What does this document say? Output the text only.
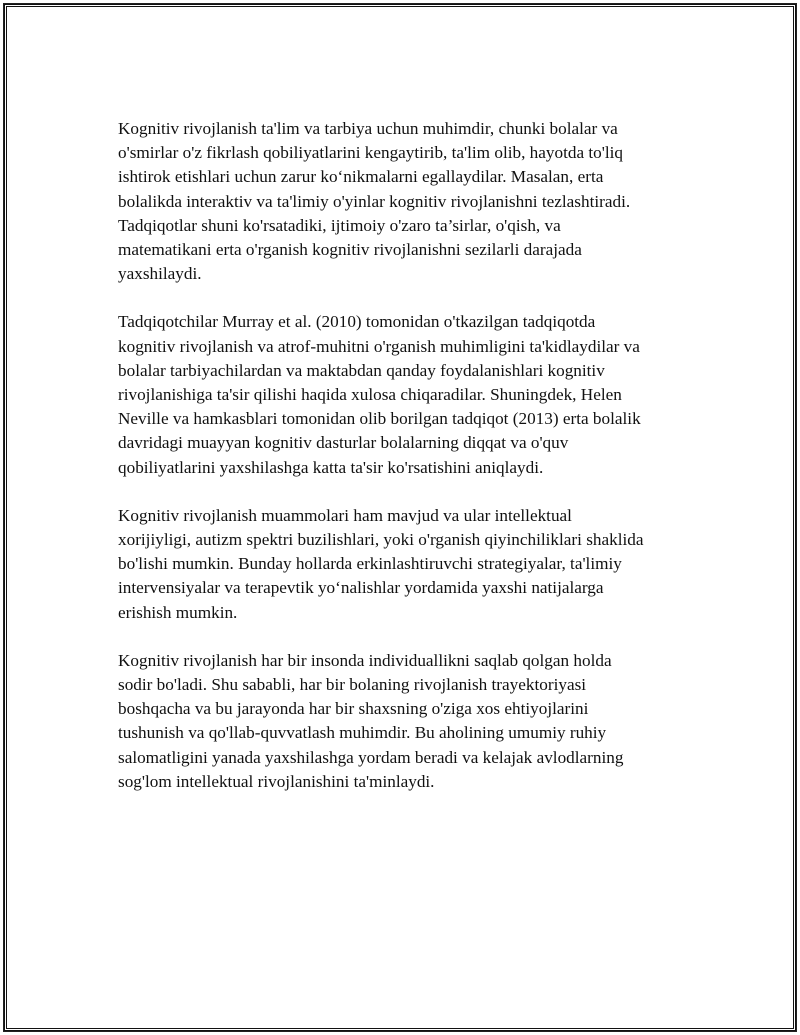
Kognitiv rivojlanish ta'lim va tarbiya uchun muhimdir, chunki bolalar va
o'smirlar o'z fikrlash qobiliyatlarini kengaytirib, ta'lim olib, hayotda to'liq
ishtirok etishlari uchun zarur ko‘nikmalarni egallaydilar. Masalan, erta
bolalikda interaktiv va ta'limiy o'yinlar kognitiv rivojlanishni tezlashtiradi.
Tadqiqotlar shuni ko'rsatadiki, ijtimoiy o'zaro ta’sirlar, o'qish, va
matematikani erta o'rganish kognitiv rivojlanishni sezilarli darajada
yaxshilaydi.

Tadqiqotchilar Murray et al. (2010) tomonidan o'tkazilgan tadqiqotda
kognitiv rivojlanish va atrof-muhitni o'rganish muhimligini ta'kidlaydilar va
bolalar tarbiyachilardan va maktabdan qanday foydalanishlari kognitiv
rivojlanishiga ta'sir qilishi haqida xulosa chiqaradilar. Shuningdek, Helen
Neville va hamkasblari tomonidan olib borilgan tadqiqot (2013) erta bolalik
davridagi muayyan kognitiv dasturlar bolalarning diqqat va o'quv
qobiliyatlarini yaxshilashga katta ta'sir ko'rsatishini aniqlaydi.

Kognitiv rivojlanish muammolari ham mavjud va ular intellektual
xorijiyligi, autizm spektri buzilishlari, yoki o'rganish qiyinchiliklari shaklida
bo'lishi mumkin. Bunday hollarda erkinlashtiruvchi strategiyalar, ta'limiy
intervensiyalar va terapevtik yo‘nalishlar yordamida yaxshi natijalarga
erishish mumkin.

Kognitiv rivojlanish har bir insonda individuallikni saqlab qolgan holda
sodir bo'ladi. Shu sababli, har bir bolaning rivojlanish trayektoriyasi
boshqacha va bu jarayonda har bir shaxsning o'ziga xos ehtiyojlarini
tushunish va qo'llab-quvvatlash muhimdir. Bu aholining umumiy ruhiy
salomatligini yanada yaxshilashga yordam beradi va kelajak avlodlarning
sog'lom intellektual rivojlanishini ta'minlaydi.
